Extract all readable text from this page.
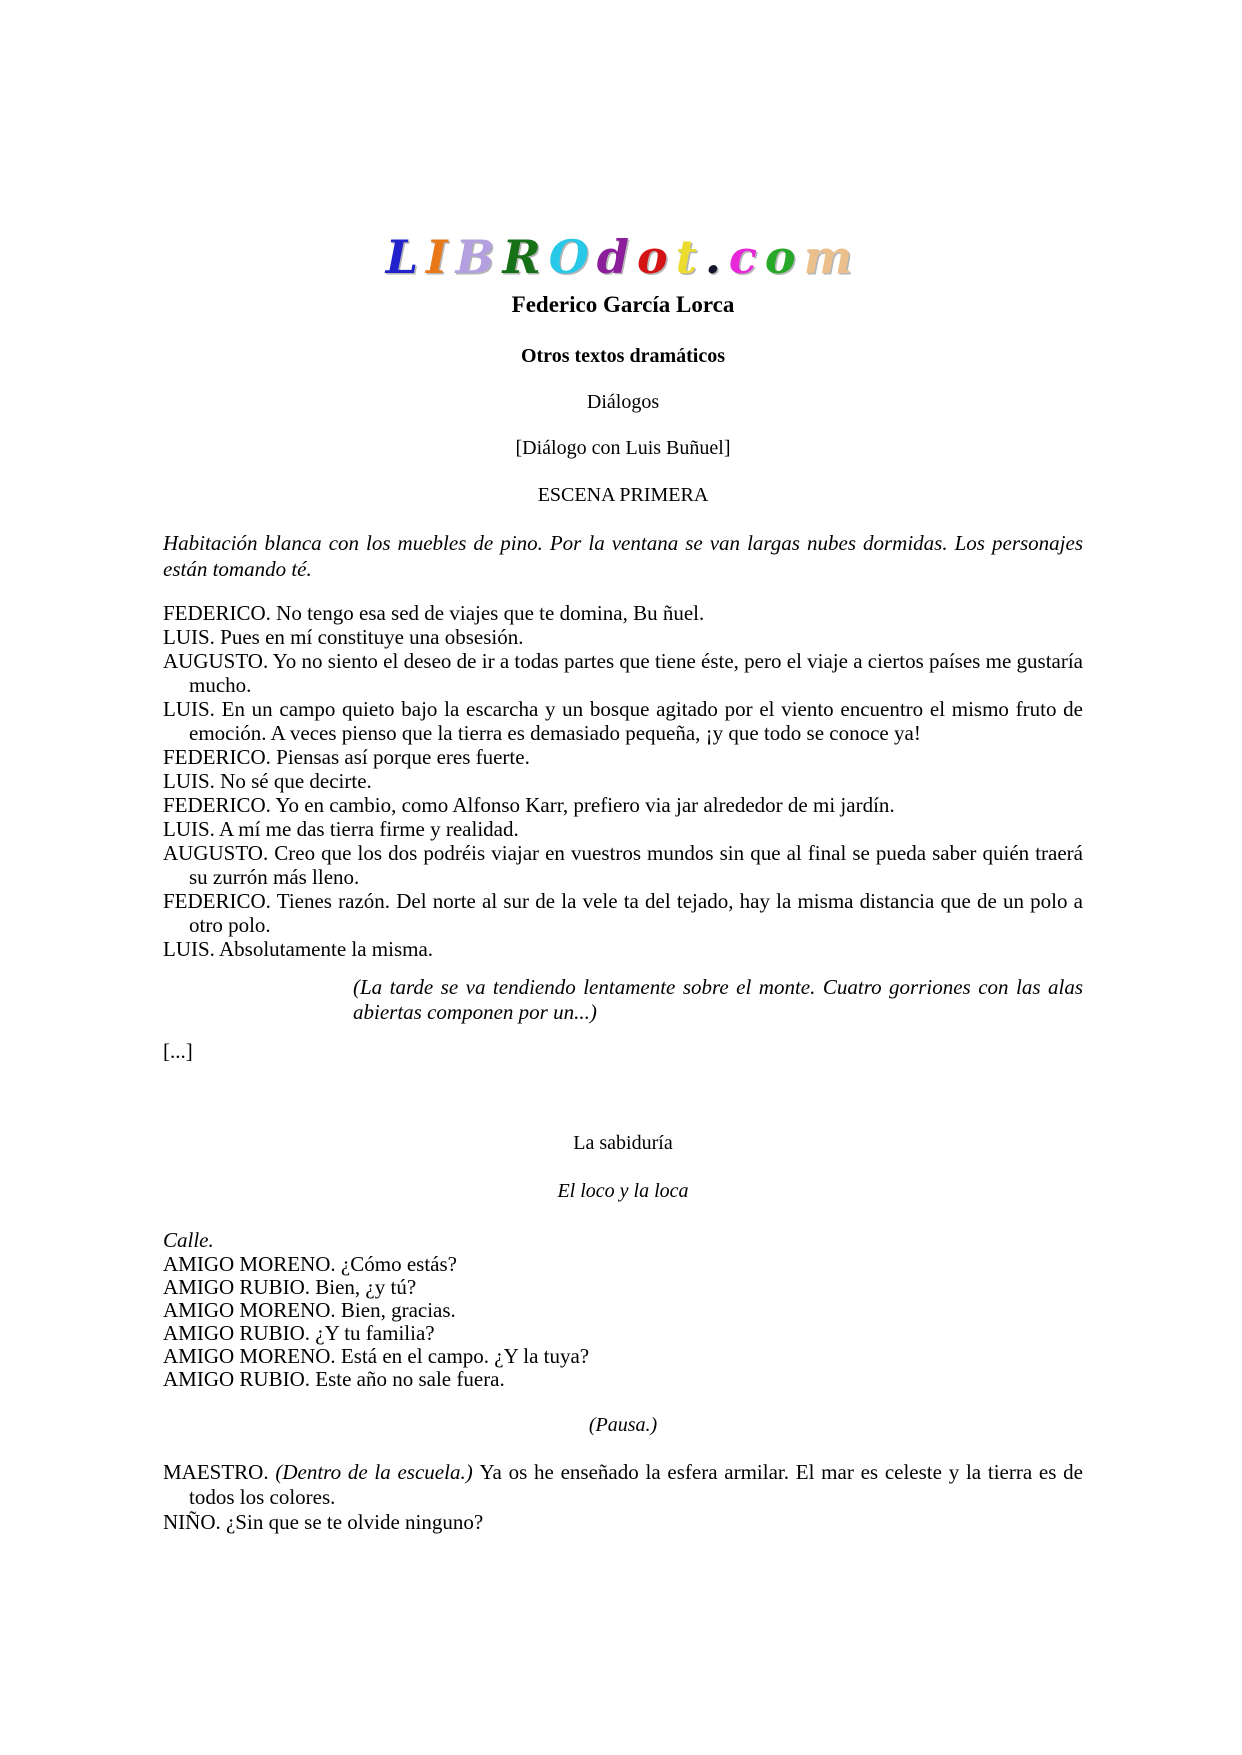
LIBROdot.com
Federico García Lorca

Otros textos dramáticos

Diálogos

[Diálogo con Luis Buñuel]

ESCENA PRIMERA

Habitación blanca con los muebles de pino. Por la ventana se van largas nubes dormidas. Los personajes están tomando té.

FEDERICO. No tengo esa sed de viajes que te domina, Bu ñuel.

LUIS. Pues en mí constituye una obsesión.

AUGUSTO. Yo no siento el deseo de ir a todas partes que tiene éste, pero el viaje a ciertos países me gustaría mucho.

LUIS. En un campo quieto bajo la escarcha y un bosque agitado por el viento encuentro el mismo fruto de emoción. A veces pienso que la tierra es demasiado pequeña, ¡y que todo se conoce ya!

FEDERICO. Piensas así porque eres fuerte.

LUIS. No sé que decirte.

FEDERICO. Yo en cambio, como Alfonso Karr, prefiero via jar alrededor de mi jardín.

LUIS. A mí me das tierra firme y realidad.

AUGUSTO. Creo que los dos podréis viajar en vuestros mundos sin que al final se pueda saber quién traerá su zurrón más lleno.

FEDERICO. Tienes razón. Del norte al sur de la vele ta del tejado, hay la misma distancia que de un polo a otro polo.

LUIS. Absolutamente la misma.

(La tarde se va tendiendo lentamente sobre el monte. Cuatro gorriones con las alas abiertas componen por un...)

[...]

La sabiduría

El loco y la loca

Calle.

AMIGO MORENO. ¿Cómo estás?

AMIGO RUBIO. Bien, ¿y tú?

AMIGO MORENO. Bien, gracias.

AMIGO RUBIO. ¿Y tu familia?

AMIGO MORENO. Está en el campo. ¿Y la tuya?

AMIGO RUBIO. Este año no sale fuera.

(Pausa.)

MAESTRO. (Dentro de la escuela.) Ya os he enseñado la esfera armilar. El mar es celeste y la tierra es de todos los colores.

NIÑO. ¿Sin que se te olvide ninguno?
